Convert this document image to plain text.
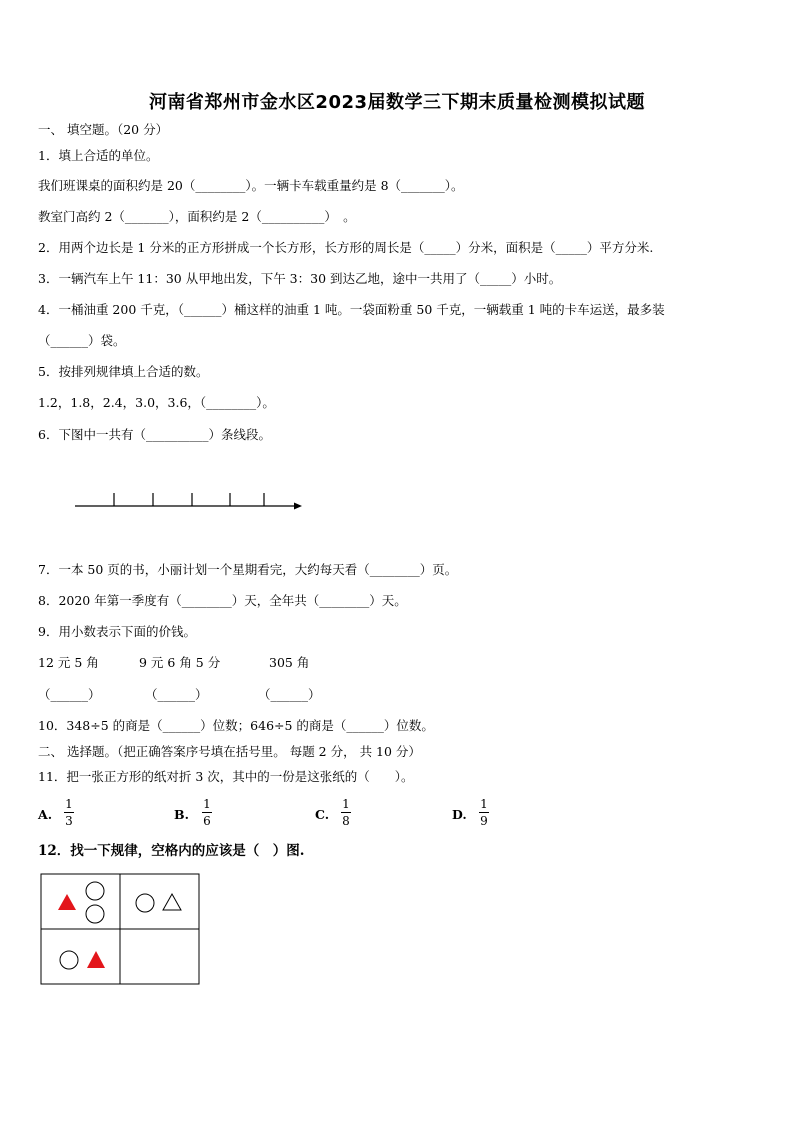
河南省郑州市金水区2023届数学三下期末质量检测模拟试题
一、 填空题。（20 分）
1．填上合适的单位。
我们班课桌的面积约是 20（________）。一辆卡车载重量约是 8（_______）。
教室门高约 2（_______），面积约是 2（__________）　。
2．用两个边长是 1 分米的正方形拼成一个长方形，长方形的周长是（_____）分米，面积是（_____）平方分米.
3．一辆汽车上午 11：30 从甲地出发，下午 3：30 到达乙地，途中一共用了（_____）小时。
4．一桶油重 200 千克，（______）桶这样的油重 1 吨。一袋面粉重 50 千克，一辆载重 1 吨的卡车运送，最多装
（______）袋。
5．按排列规律填上合适的数。
1.2，1.8，2.4，3.0，3.6，（________）。
6．下图中一共有（__________）条线段。
7．一本 50 页的书，小丽计划一个星期看完，大约每天看（________）页。
8．2020 年第一季度有（________）天，全年共（________）天。
9．用小数表示下面的价钱。
12 元 5 角	9 元 6 角 5 分	305 角
（______）	（______）	（______）
10．348÷5 的商是（______）位数；646÷5 的商是（______）位数。
二、 选择题。（把正确答案序号填在括号里。 每题 2 分， 共 10 分）
11．把一张正方形的纸对折 3 次，其中的一份是这张纸的（　　）。
A.
1
3	B.
1
6	C.
1
8	D.
1
9
12．找一下规律，空格内的应该是（　）图.
